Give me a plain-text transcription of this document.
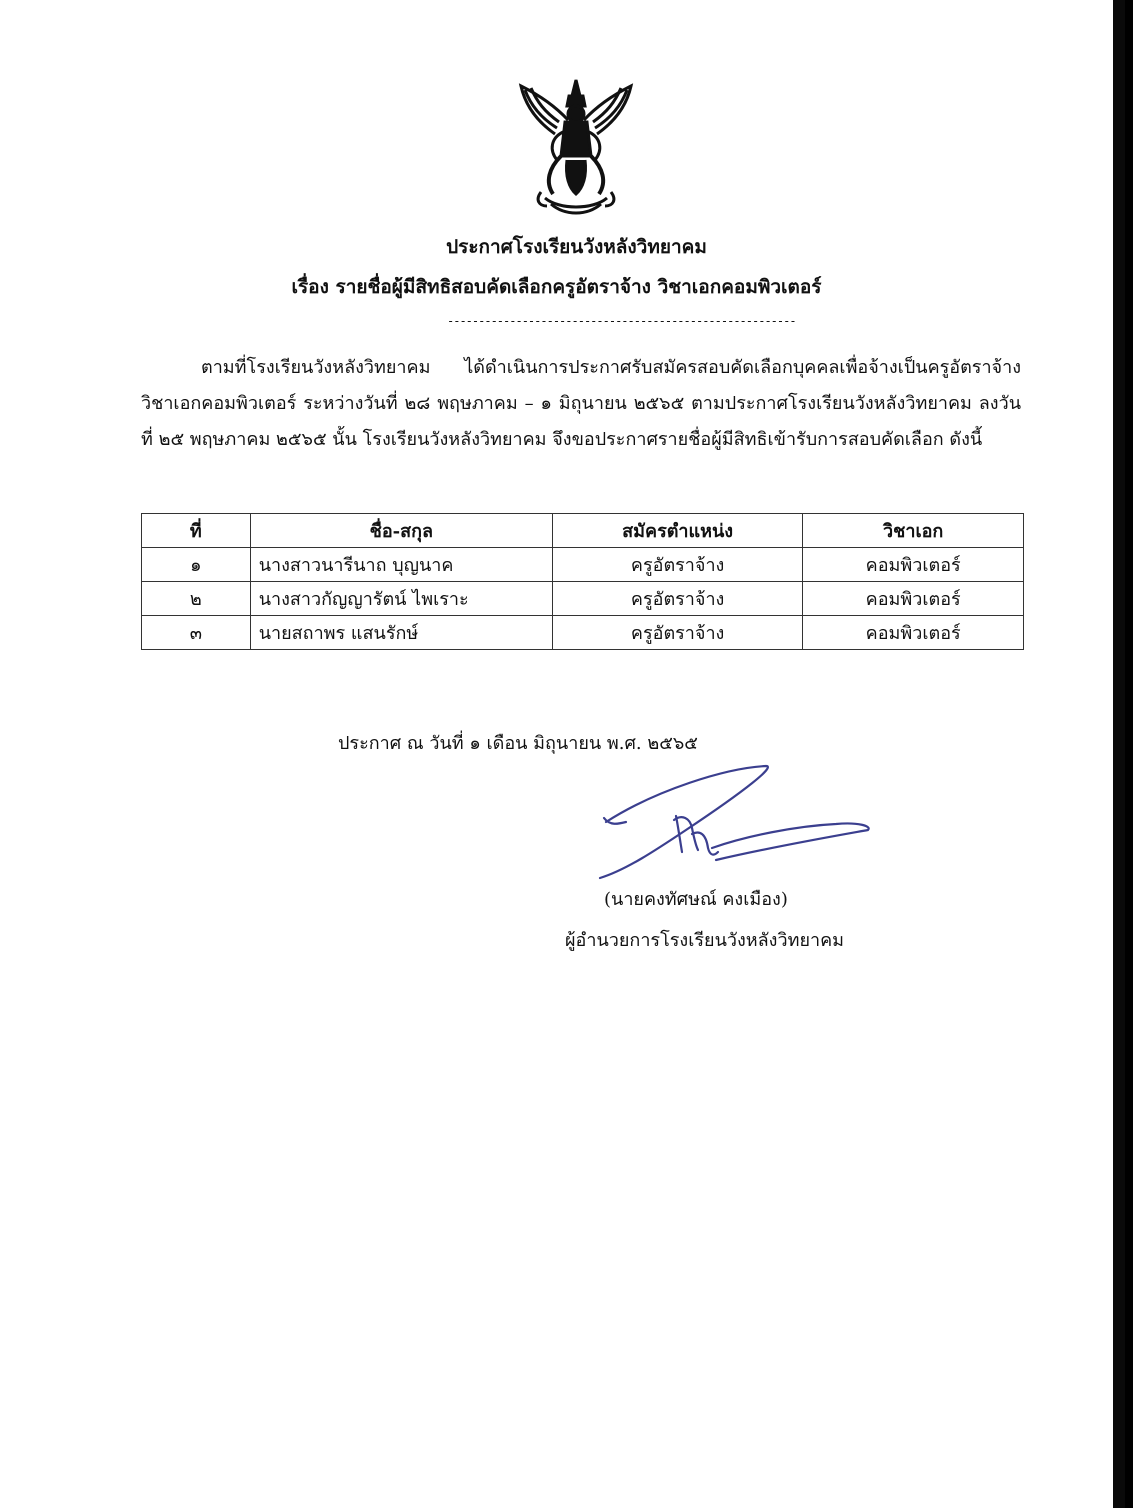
ประกาศโรงเรียนวังหลังวิทยาคม
เรื่อง รายชื่อผู้มีสิทธิสอบคัดเลือกครูอัตราจ้าง วิชาเอกคอมพิวเตอร์
--------------------------------------------------------
ตามที่โรงเรียนวังหลังวิทยาคม ได้ดำเนินการประกาศรับสมัครสอบคัดเลือกบุคคลเพื่อจ้างเป็นครูอัตราจ้าง วิชาเอกคอมพิวเตอร์ ระหว่างวันที่ ๒๘ พฤษภาคม – ๑ มิถุนายน ๒๕๖๕ ตามประกาศโรงเรียนวังหลังวิทยาคม ลงวันที่ ๒๕ พฤษภาคม ๒๕๖๕ นั้น โรงเรียนวังหลังวิทยาคม จึงขอประกาศรายชื่อผู้มีสิทธิเข้ารับการสอบคัดเลือก ดังนี้
ที่	ชื่อ-สกุล	สมัครตำแหน่ง	วิชาเอก
๑	นางสาวนารีนาถ บุญนาค	ครูอัตราจ้าง	คอมพิวเตอร์
๒	นางสาวกัญญารัตน์ ไพเราะ	ครูอัตราจ้าง	คอมพิวเตอร์
๓	นายสถาพร แสนรักษ์	ครูอัตราจ้าง	คอมพิวเตอร์
ประกาศ ณ วันที่ ๑ เดือน มิถุนายน พ.ศ. ๒๕๖๕
(นายคงทัศษณ์ คงเมือง)
ผู้อำนวยการโรงเรียนวังหลังวิทยาคม
